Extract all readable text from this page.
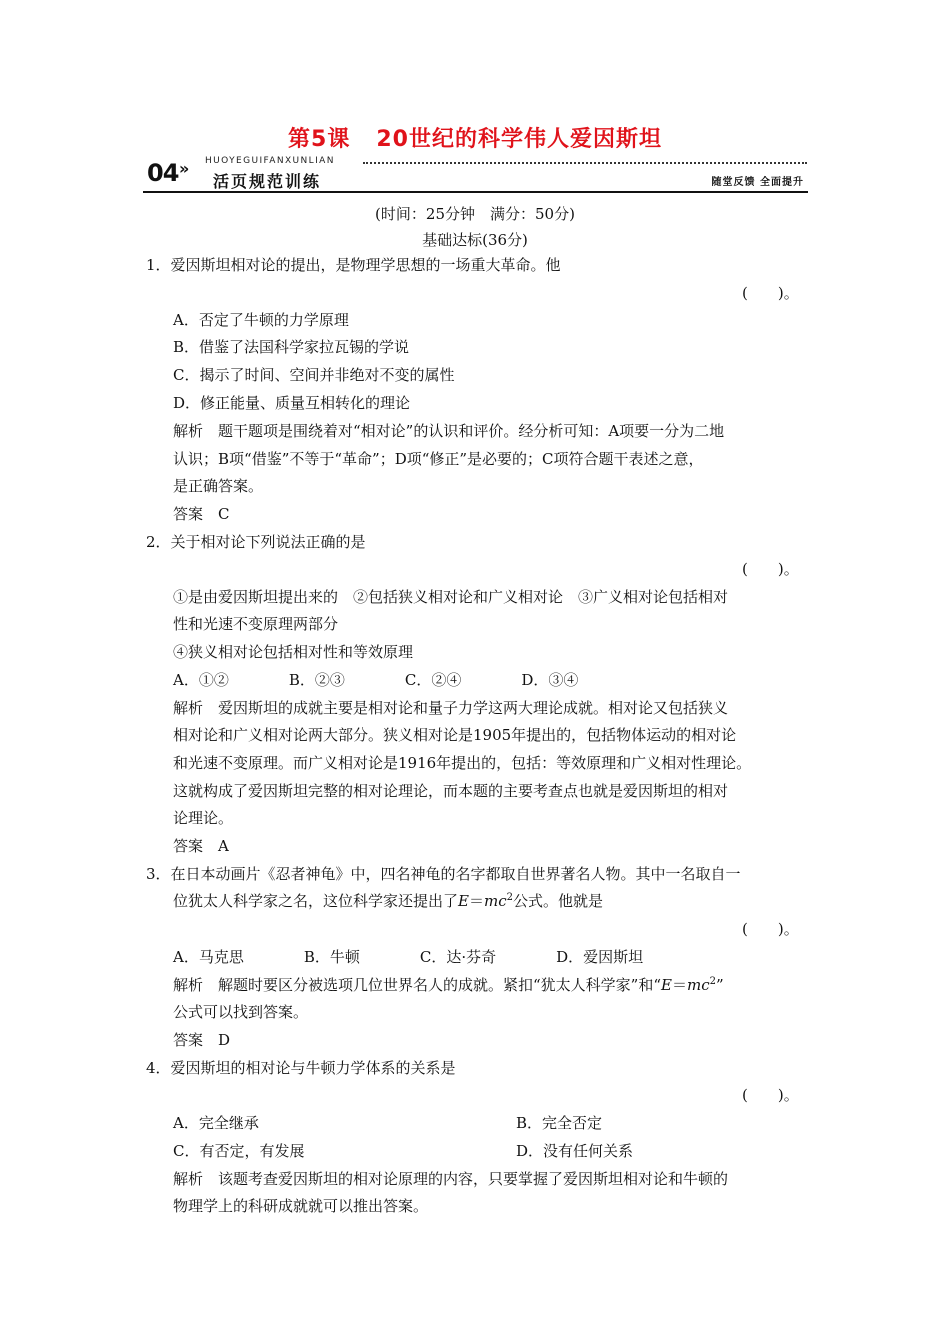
第5课 20世纪的科学伟人爱因斯坦
04 » HUOYEGUIFANXUNLIAN
活页规范训练	随堂反馈 全面提升
(时间：25分钟　满分：50分)
基础达标(36分)
1．爱因斯坦相对论的提出，是物理学思想的一场重大革命。他
(　　)。
A．否定了牛顿的力学原理
B．借鉴了法国科学家拉瓦锡的学说
C．揭示了时间、空间并非绝对不变的属性
D．修正能量、质量互相转化的理论
解析　题干题项是围绕着对“相对论”的认识和评价。经分析可知：A项要一分为二地
认识；B项“借鉴”不等于“革命”；D项“修正”是必要的；C项符合题干表述之意，
是正确答案。
答案　C
2．关于相对论下列说法正确的是
(　　)。
①是由爱因斯坦提出来的　②包括狭义相对论和广义相对论　③广义相对论包括相对
性和光速不变原理两部分
④狭义相对论包括相对性和等效原理
A．①②　　　　B．②③　　　　C．②④　　　　D．③④
解析　爱因斯坦的成就主要是相对论和量子力学这两大理论成就。相对论又包括狭义
相对论和广义相对论两大部分。狭义相对论是1905年提出的，包括物体运动的相对论
和光速不变原理。而广义相对论是1916年提出的，包括：等效原理和广义相对性理论。
这就构成了爱因斯坦完整的相对论理论，而本题的主要考查点也就是爱因斯坦的相对
论理论。
答案　A
3．在日本动画片《忍者神龟》中，四名神龟的名字都取自世界著名人物。其中一名取自一
位犹太人科学家之名，这位科学家还提出了$E=mc^2$公式。他就是
(　　)。
A．马克思　　　　B．牛顿　　　　C．达·芬奇　　　　D．爱因斯坦
解析　解题时要区分被选项几位世界名人的成就。紧扣“犹太人科学家”和“$E=mc^2$”
公式可以找到答案。
答案　D
4．爱因斯坦的相对论与牛顿力学体系的关系是
(　　)。
A．完全继承	B．完全否定
C．有否定，有发展	D．没有任何关系
解析　该题考查爱因斯坦的相对论原理的内容，只要掌握了爱因斯坦相对论和牛顿的
物理学上的科研成就就可以推出答案。
